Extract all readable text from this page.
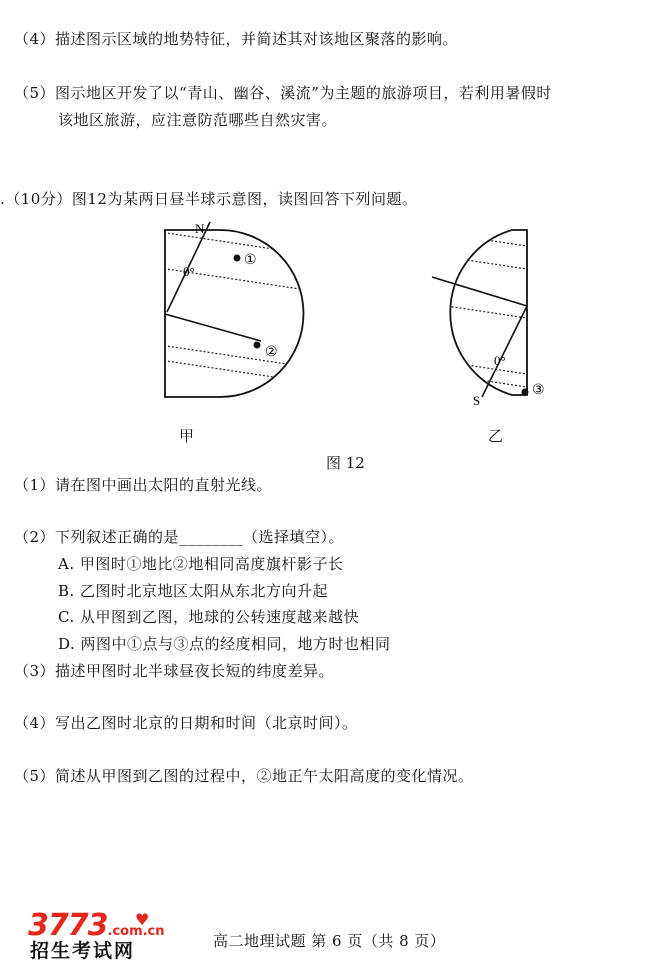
（4）描述图示区域的地势特征，并简述其对该地区聚落的影响。
（5）图示地区开发了以“青山、幽谷、溪流”为主题的旅游项目，若利用暑假时
该地区旅游，应注意防范哪些自然灾害。
.（10分）图12为某两日昼半球示意图，读图回答下列问题。
N
0°
①
②
0°
S
③
甲	乙
图 12
（1）请在图中画出太阳的直射光线。
（2）下列叙述正确的是________（选择填空）。
A. 甲图时①地比②地相同高度旗杆影子长
B. 乙图时北京地区太阳从东北方向升起
C. 从甲图到乙图，地球的公转速度越来越快
D. 两图中①点与③点的经度相同，地方时也相同
（3）描述甲图时北半球昼夜长短的纬度差异。
（4）写出乙图时北京的日期和时间（北京时间）。
（5）简述从甲图到乙图的过程中，②地正午太阳高度的变化情况。
3773.com.cn
♥
招生考试网	高二地理试题 第 6 页（共 8 页）
